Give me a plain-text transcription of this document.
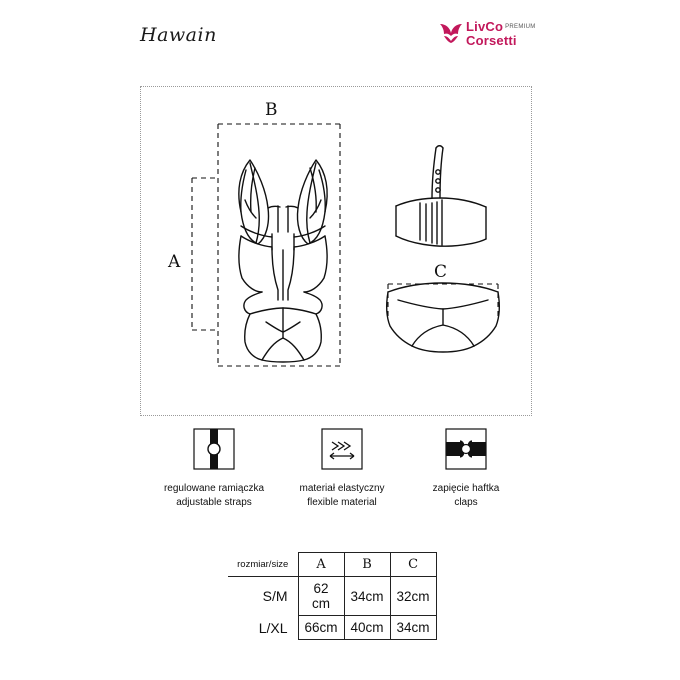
Hawain	LivCo $^{PREMIUM}$
Corsetti
B
A	C
regulowane ramiączka
adjustable straps
materiał elastyczny
flexible material
zapięcie haftka
claps
rozmiar/size	A	B	C
S/M	62 cm	34cm	32cm
L/XL	66cm	40cm	34cm
